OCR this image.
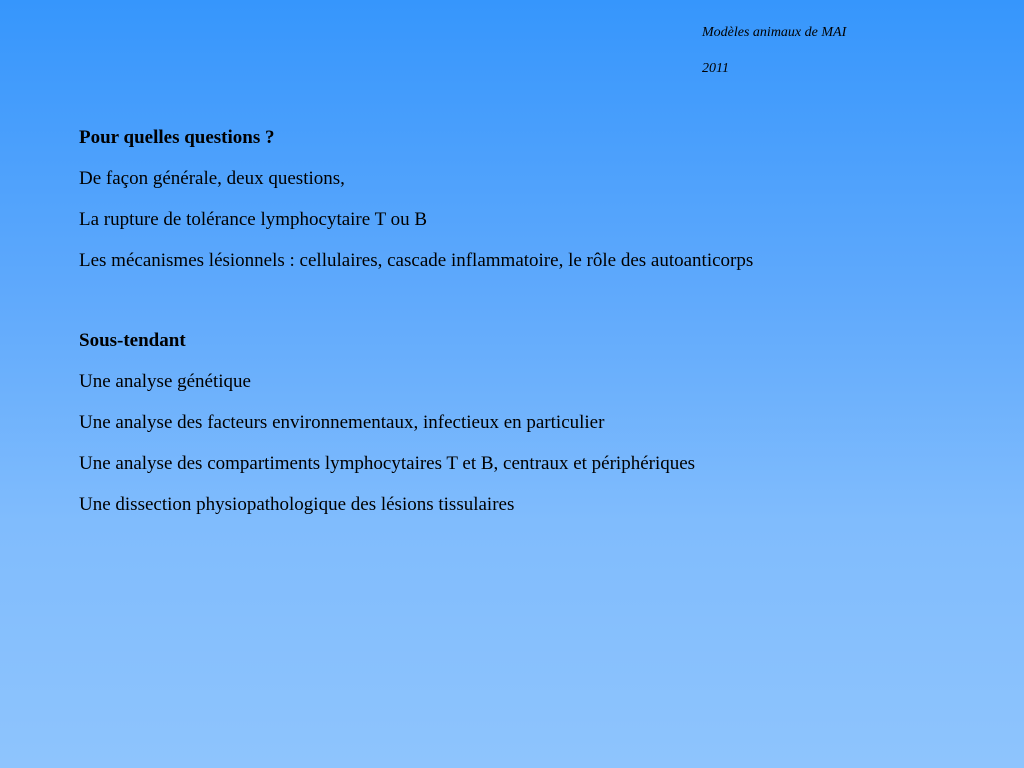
Modèles animaux de MAI
2011
Pour quelles questions ?
De façon générale, deux questions,
La rupture de tolérance lymphocytaire T ou B
Les mécanismes lésionnels : cellulaires, cascade inflammatoire, le rôle des autoanticorps
Sous-tendant
Une analyse génétique
Une analyse des facteurs environnementaux, infectieux en particulier
Une analyse des compartiments lymphocytaires T et B, centraux et périphériques
Une dissection physiopathologique des lésions tissulaires
